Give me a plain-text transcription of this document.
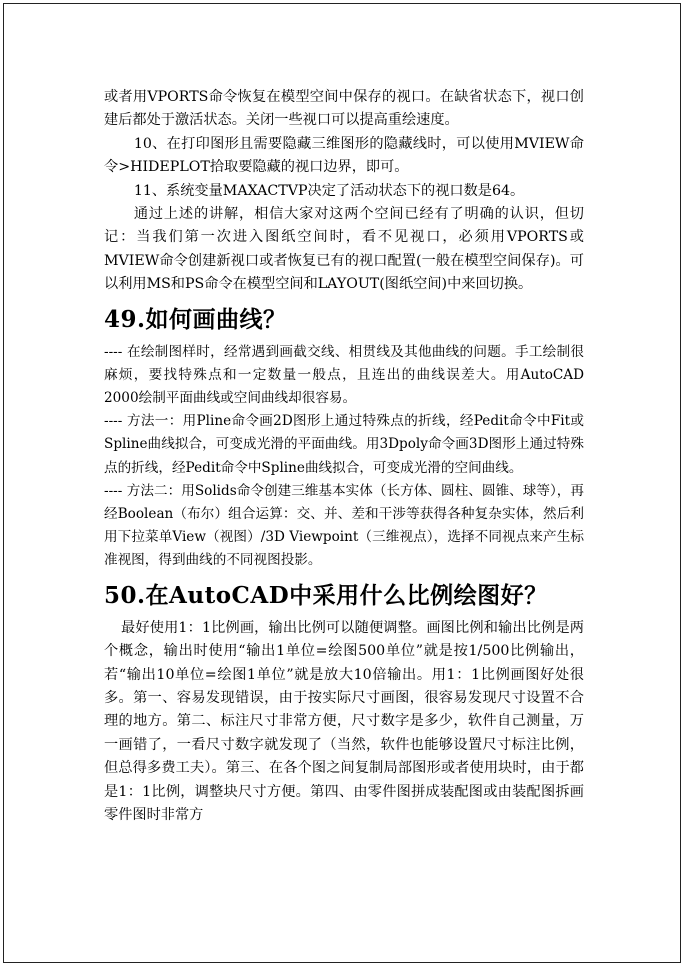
或者用VPORTS命令恢复在模型空间中保存的视口。在缺省状态下，视口创建后都处于激活状态。关闭一些视口可以提高重绘速度。

10、在打印图形且需要隐藏三维图形的隐藏线时，可以使用MVIEW命令>HIDEPLOT拾取要隐藏的视口边界，即可。

11、系统变量MAXACTVP决定了活动状态下的视口数是64。

通过上述的讲解，相信大家对这两个空间已经有了明确的认识，但切记：当我们第一次进入图纸空间时，看不见视口，必须用VPORTS或MVIEW命令创建新视口或者恢复已有的视口配置(一般在模型空间保存)。可以利用MS和PS命令在模型空间和LAYOUT(图纸空间)中来回切换。

49.如何画曲线？

---- 在绘制图样时，经常遇到画截交线、相贯线及其他曲线的问题。手工绘制很麻烦，要找特殊点和一定数量一般点，且连出的曲线误差大。用AutoCAD 2000绘制平面曲线或空间曲线却很容易。

---- 方法一：用Pline命令画2D图形上通过特殊点的折线，经Pedit命令中Fit或Spline曲线拟合，可变成光滑的平面曲线。用3Dpoly命令画3D图形上通过特殊点的折线，经Pedit命令中Spline曲线拟合，可变成光滑的空间曲线。

---- 方法二：用Solids命令创建三维基本实体（长方体、圆柱、圆锥、球等），再经Boolean（布尔）组合运算：交、并、差和干涉等获得各种复杂实体，然后利用下拉菜单View（视图）/3D Viewpoint（三维视点），选择不同视点来产生标准视图，得到曲线的不同视图投影。

50.在AutoCAD中采用什么比例绘图好？

最好使用1：1比例画，输出比例可以随便调整。画图比例和输出比例是两个概念，输出时使用“输出1单位=绘图500单位”就是按1/500比例输出，若“输出10单位=绘图1单位”就是放大10倍输出。用1：1比例画图好处很多。第一、容易发现错误，由于按实际尺寸画图，很容易发现尺寸设置不合理的地方。第二、标注尺寸非常方便，尺寸数字是多少，软件自己测量，万一画错了，一看尺寸数字就发现了（当然，软件也能够设置尺寸标注比例，但总得多费工夫）。第三、在各个图之间复制局部图形或者使用块时，由于都是1：1比例，调整块尺寸方便。第四、由零件图拼成装配图或由装配图拆画零件图时非常方
